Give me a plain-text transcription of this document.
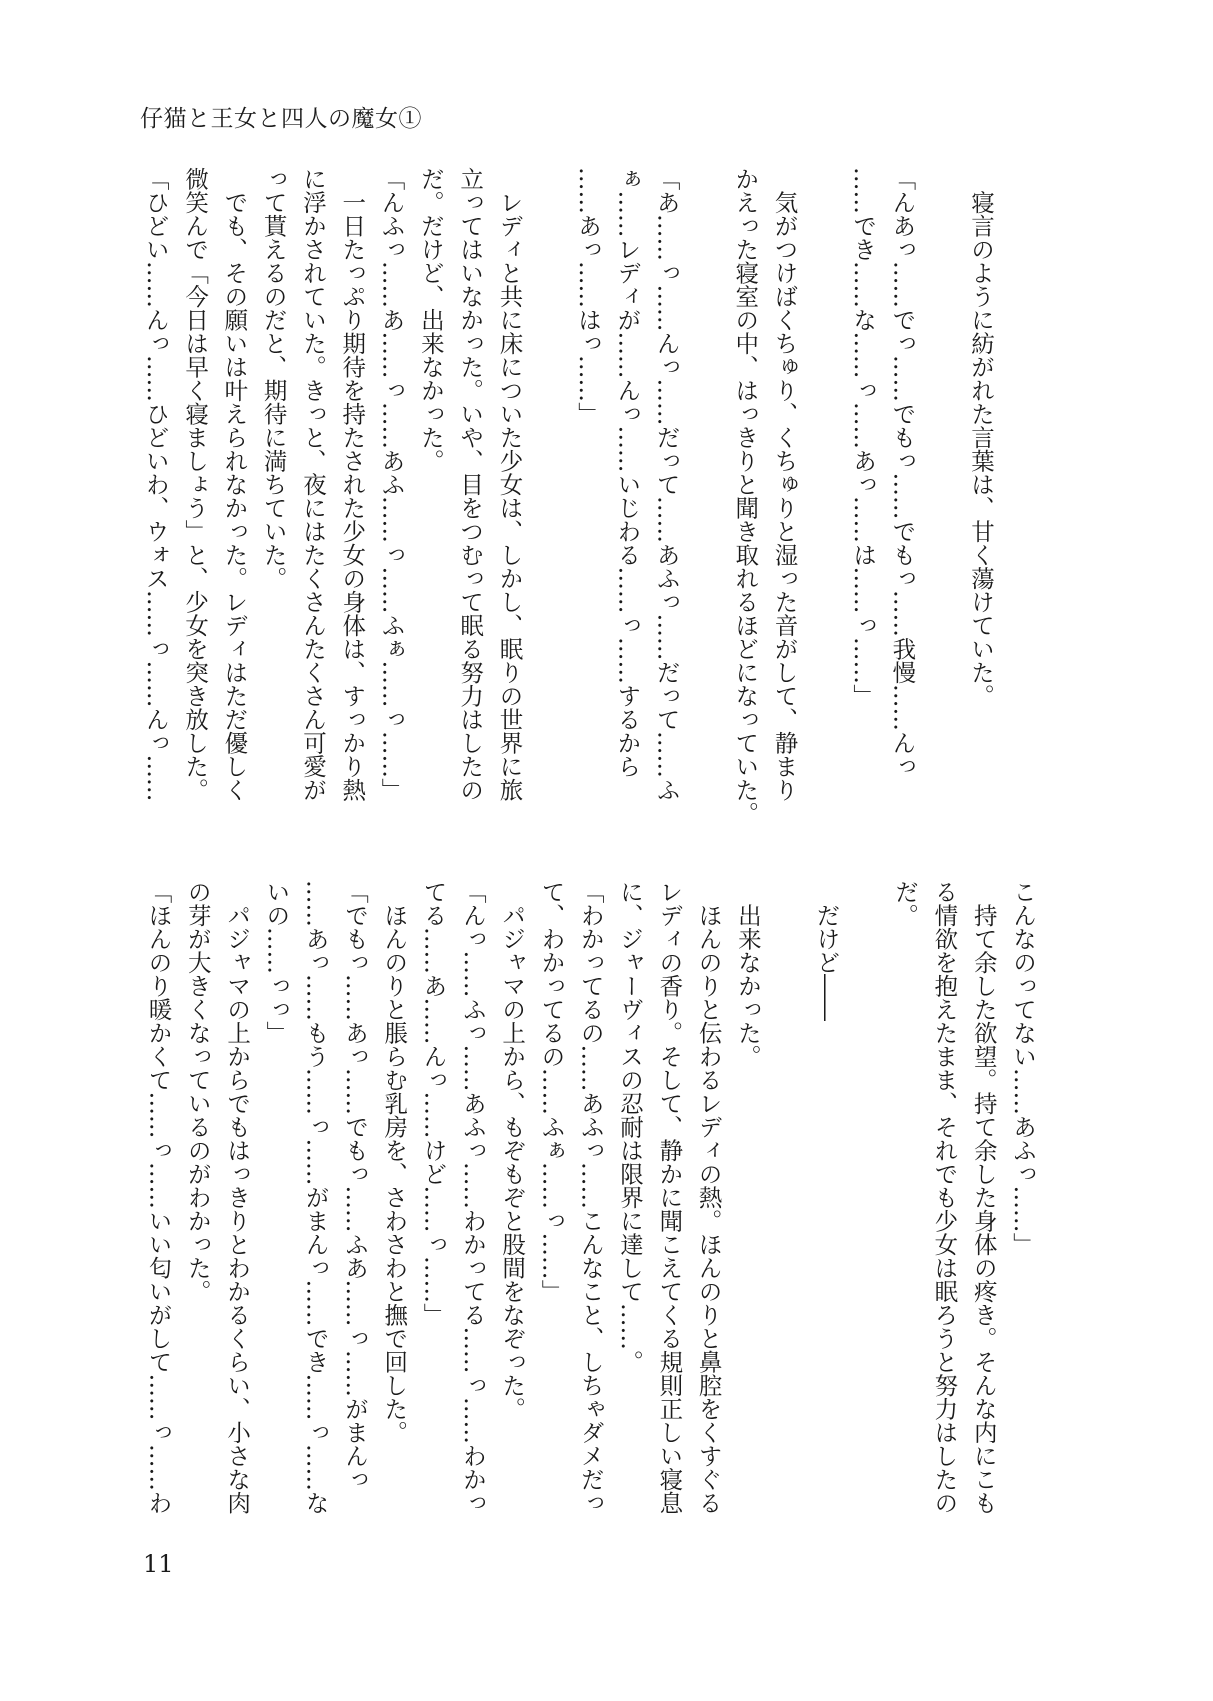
仔猫と王女と四人の魔女①
　寝言のように紡がれた言葉は、甘く蕩けていた。
「んあっ……でっ……でもっ……でもっ……我慢……んっ
……でき……な……っ……あっ……は……っ……」
　気がつけばくちゅり、くちゅりと湿った音がして、静まり
かえった寝室の中、はっきりと聞き取れるほどになっていた。
「あ……っ……んっ……だって……あふっ……だって……ふ
ぁ……レディが……んっ……いじわる……っ……するから
……あっ……はっ……」
　レディと共に床についた少女は、しかし、眠りの世界に旅
立ってはいなかった。いや、目をつむって眠る努力はしたの
だ。だけど、出来なかった。
「んふっ……あ……っ……あふ……っ……ふぁ……っ……」
　一日たっぷり期待を持たされた少女の身体は、すっかり熱
に浮かされていた。きっと、夜にはたくさんたくさん可愛が
って貰えるのだと、期待に満ちていた。
　でも、その願いは叶えられなかった。レディはただ優しく
微笑んで「今日は早く寝ましょう」と、少女を突き放した。
「ひどい……んっ……ひどいわ、ウォス……っ……んっ……
こんなのってない……あふっ……」
　持て余した欲望。持て余した身体の疼き。そんな内にこも
る情欲を抱えたまま、それでも少女は眠ろうと努力はしたの
だ。
　だけど――
　出来なかった。
　ほんのりと伝わるレディの熱。ほんのりと鼻腔をくすぐる
レディの香り。そして、静かに聞こえてくる規則正しい寝息
に、ジャーヴィスの忍耐は限界に達して……。
「わかってるの……あふっ……こんなこと、しちゃダメだっ
て、わかってるの……ふぁ……っ……」
　パジャマの上から、もぞもぞと股間をなぞった。
「んっ……ふっ……あふっ……わかってる……っ……わかっ
てる……あ……んっ……けど……っ……」
　ほんのりと脹らむ乳房を、さわさわと撫で回した。
「でもっ……あっ……でもっ……ふあ……っ……がまんっ
……あっ……もう……っ……がまんっ……でき……っ……な
いの……っっ」
　パジャマの上からでもはっきりとわかるくらい、小さな肉
の芽が大きくなっているのがわかった。
「ほんのり暖かくて……っ……いい匂いがして……っ……わ
11
